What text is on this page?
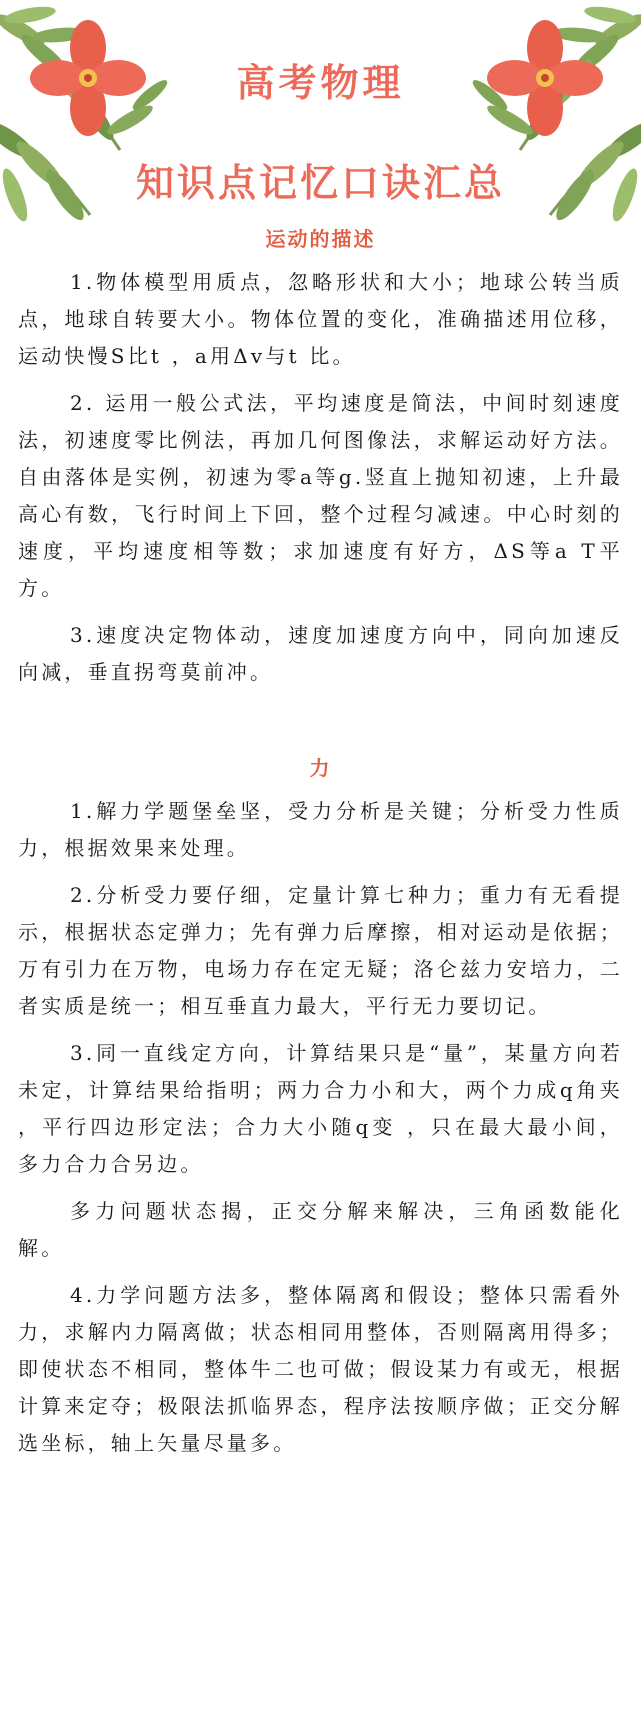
高考物理
知识点记忆口诀汇总
运动的描述

1.物体模型用质点，忽略形状和大小；地球公转当质点，地球自转要大小。物体位置的变化，准确描述用位移，运动快慢S比t ，a用Δv与t 比。

2. 运用一般公式法，平均速度是简法，中间时刻速度法，初速度零比例法，再加几何图像法，求解运动好方法。自由落体是实例，初速为零a等g.竖直上抛知初速，上升最高心有数，飞行时间上下回，整个过程匀减速。中心时刻的速度，平均速度相等数；求加速度有好方，ΔS等a T平方。

3.速度决定物体动，速度加速度方向中，同向加速反向减，垂直拐弯莫前冲。

力

1.解力学题堡垒坚，受力分析是关键；分析受力性质力，根据效果来处理。

2.分析受力要仔细，定量计算七种力；重力有无看提示，根据状态定弹力；先有弹力后摩擦，相对运动是依据；万有引力在万物，电场力存在定无疑；洛仑兹力安培力，二者实质是统一；相互垂直力最大，平行无力要切记。

3.同一直线定方向，计算结果只是“量”，某量方向若未定，计算结果给指明；两力合力小和大，两个力成q角夹 ，平行四边形定法；合力大小随q变 ，只在最大最小间，多力合力合另边。

多力问题状态揭，正交分解来解决，三角函数能化解。

4.力学问题方法多，整体隔离和假设；整体只需看外力，求解内力隔离做；状态相同用整体，否则隔离用得多；即使状态不相同，整体牛二也可做；假设某力有或无，根据计算来定夺；极限法抓临界态，程序法按顺序做；正交分解选坐标，轴上矢量尽量多。
